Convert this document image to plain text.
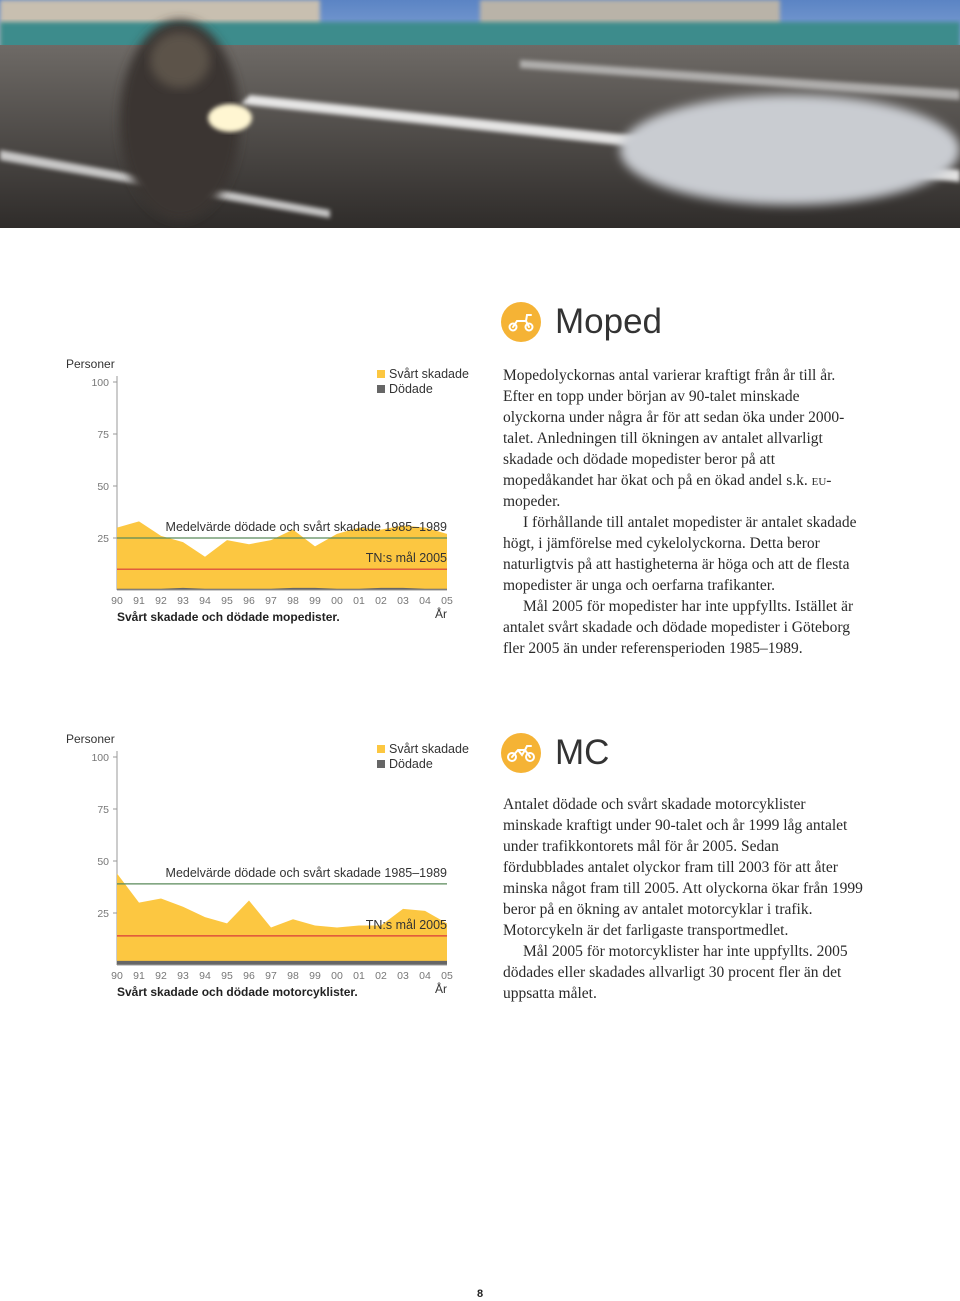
Moped

Mopedolyckornas antal varierar kraftigt från år till år. Efter en topp under början av 90-talet minskade olyckorna under några år för att sedan öka under 2000-talet. Anledningen till ökningen av antalet allvarligt skadade och dödade mopedister beror på att mopedåkandet har ökat och på en ökad andel s.k. eu-mopeder.

I förhållande till antalet mopedister är antalet skadade högt, i jämförelse med cykelolyckorna. Detta beror naturligtvis på att hastigheterna är höga och att de flesta mopedister är unga och oerfarna trafikanter.

Mål 2005 för mopedister har inte uppfyllts. Istället är antalet svårt skadade och dödade mopedister i Göteborg fler 2005 än under referensperioden 1985–1989.

Personer
100
75
50
25
Medelvärde dödade och svårt skadade 1985–1989
TN:s mål 2005
90 91 92 93 94 95 96 97 98 99 00 01 02 03 04 05
År
Svårt skadade och dödade mopedister.
Svårt skadade
Dödade
MC

Antalet dödade och svårt skadade motorcyklister minskade kraftigt under 90-talet och år 1999 låg antalet under trafikkontorets mål för år 2005. Sedan fördubblades antalet olyckor fram till 2003 för att åter minska något fram till 2005. Att olyckorna ökar från 1999 beror på en ökning av antalet motorcyklar i trafik. Motorcykeln är det farligaste transportmedlet.

Mål 2005 för motorcyklister har inte uppfyllts. 2005 dödades eller skadades allvarligt 30 procent fler än det uppsatta målet.

Personer
100
75
50
25
Medelvärde dödade och svårt skadade 1985–1989
TN:s mål 2005
90 91 92 93 94 95 96 97 98 99 00 01 02 03 04 05
År
Svårt skadade och dödade motorcyklister.
Svårt skadade
Dödade
8
